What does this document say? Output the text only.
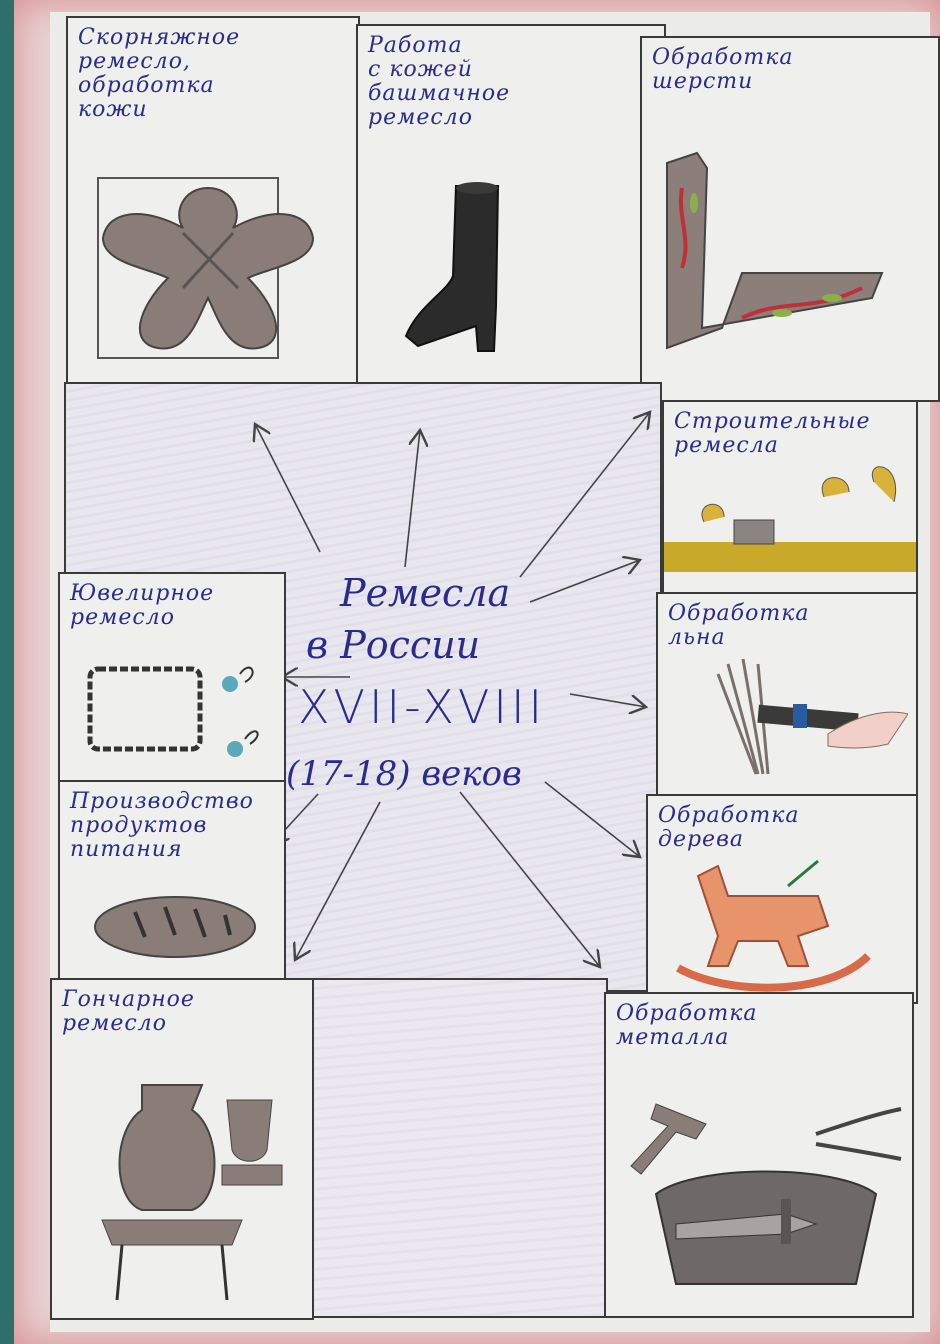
Скорняжное
ремесло,
обработка
кожи
Работа
с кожей
башмачное
ремесло
Обработка
шерсти
Ремесла
в России
XVII-XVIII
(17-18) веков
Строительные
ремесла
Обработка
льна
Обработка
дерева
Ювелирное
ремесло
Производство
продуктов
питания
Гончарное
ремесло	Обработка
металла
